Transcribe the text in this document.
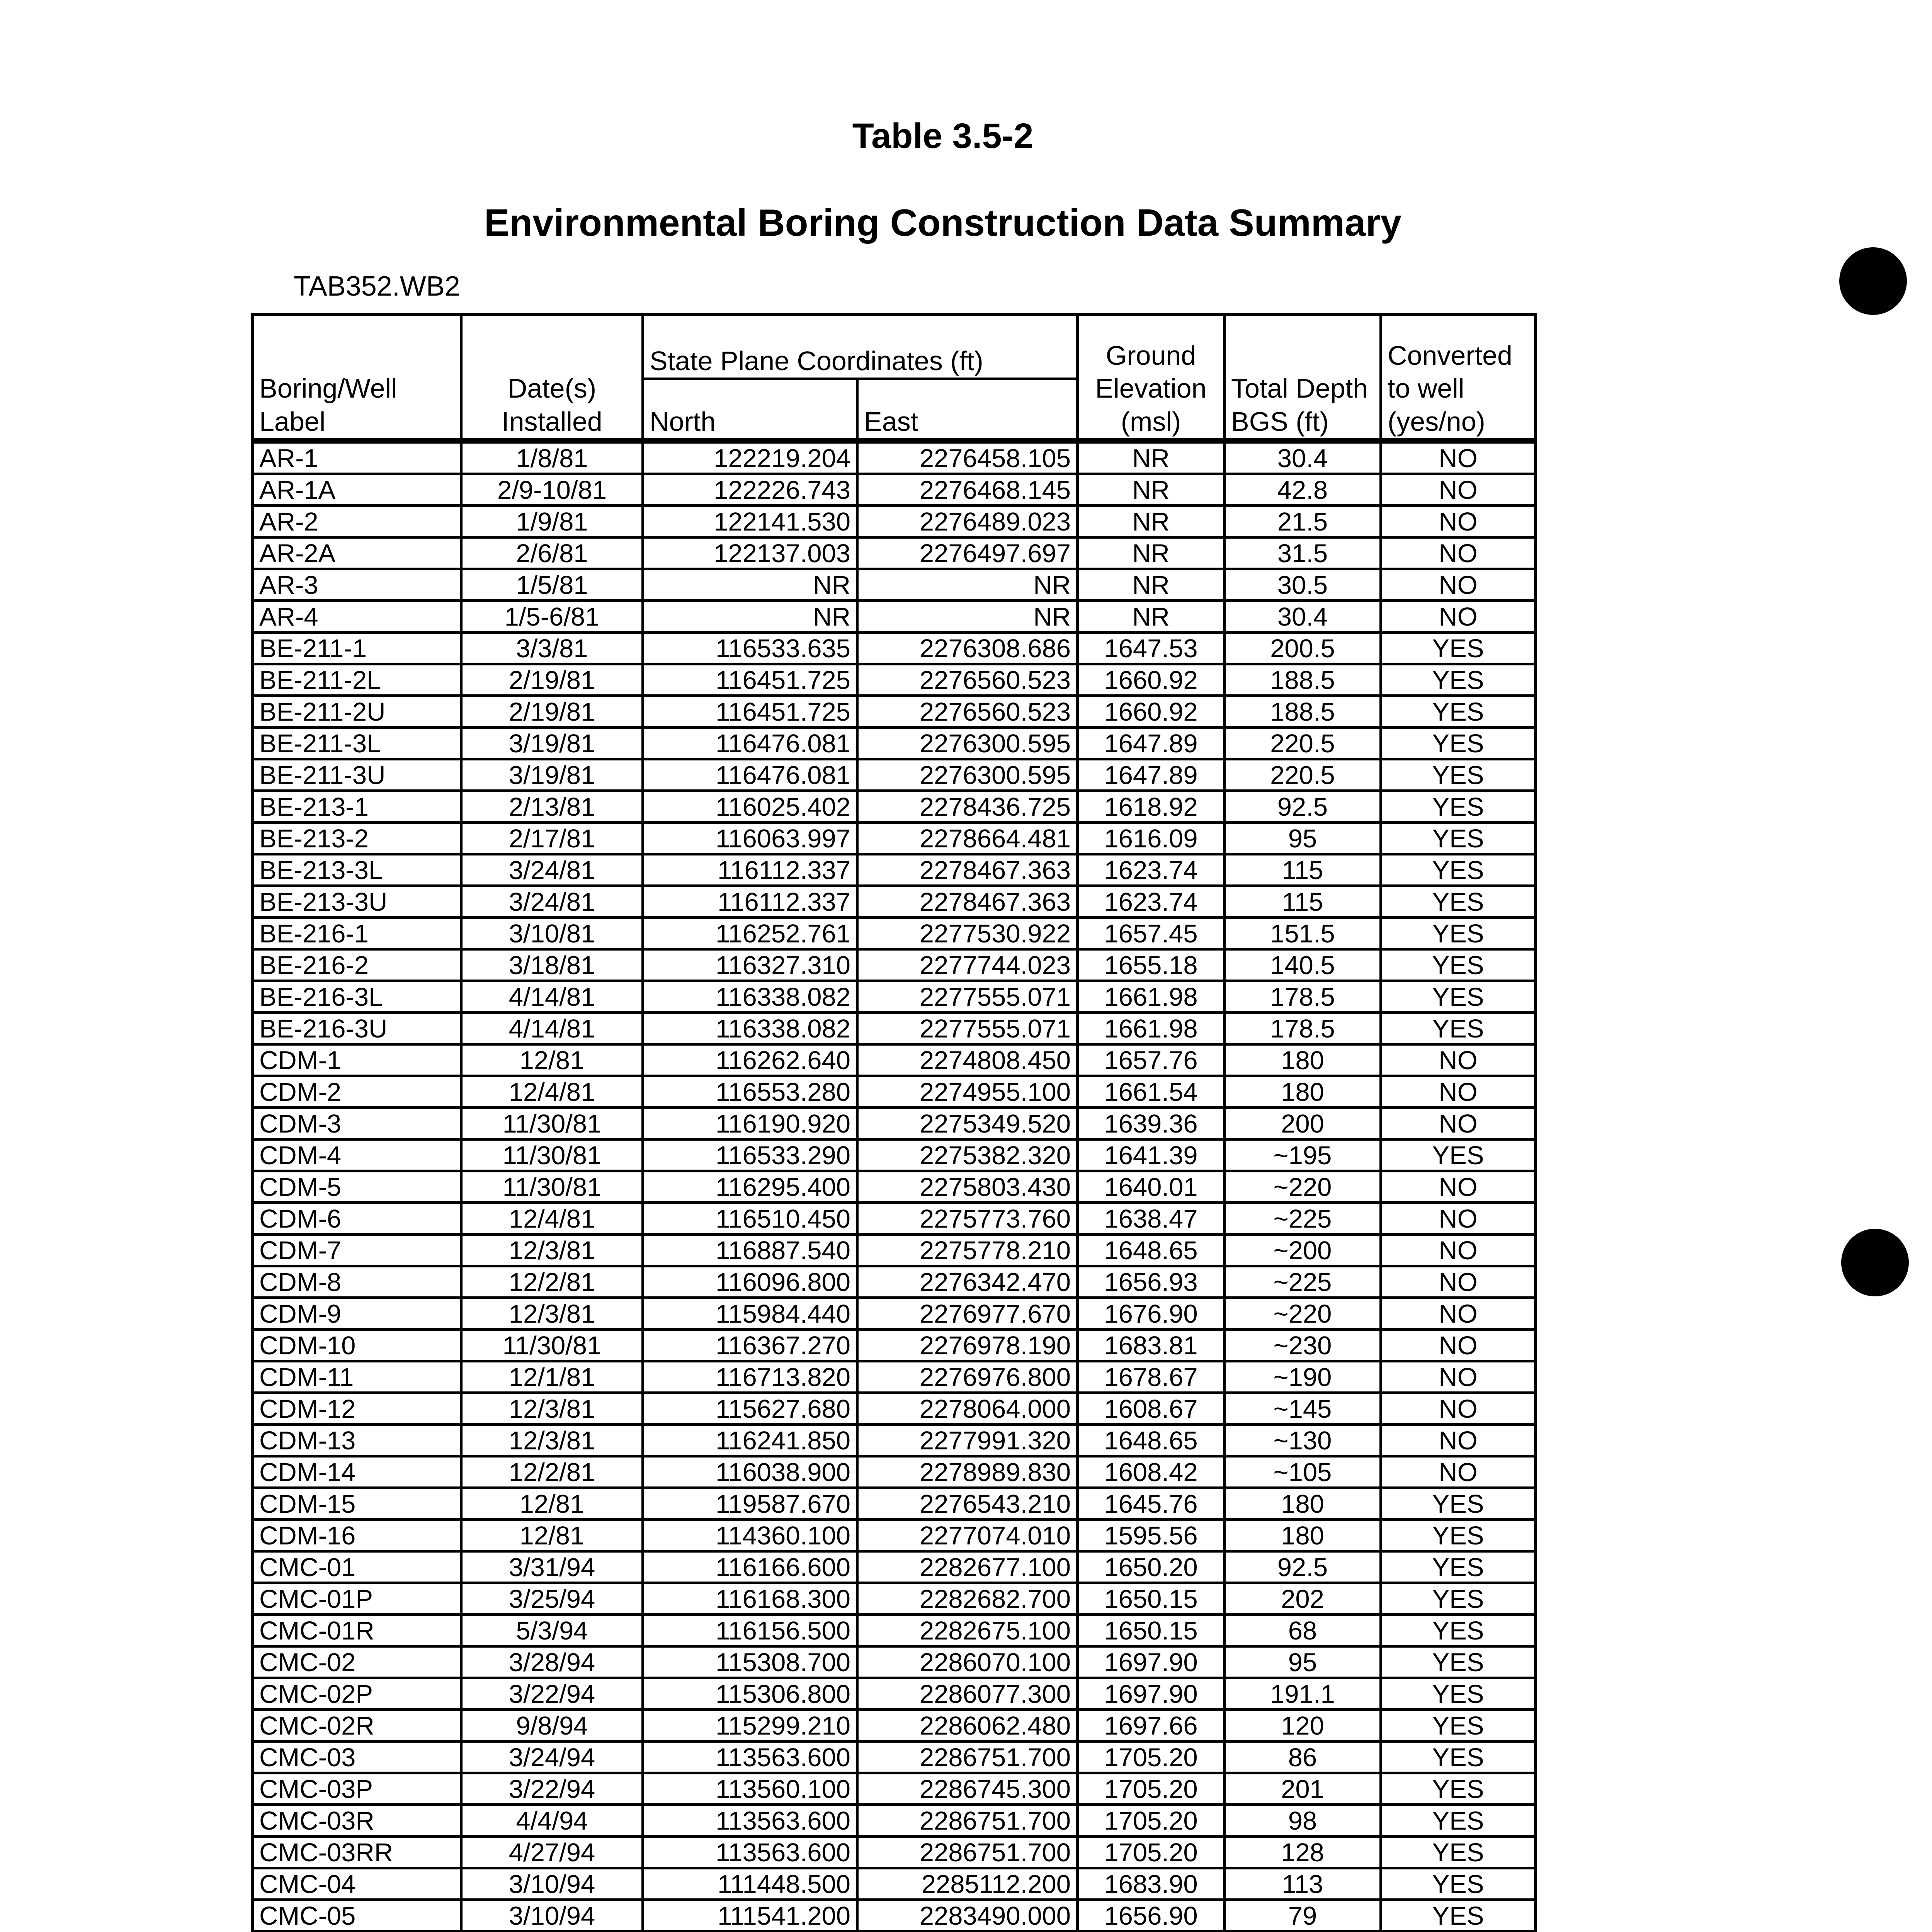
Table 3.5-2
Environmental Boring Construction Data Summary
TAB352.WB2
Boring/Well Label	Date(s) Installed	State Plane Coordinates (ft)		Ground Elevation (msl)	Total Depth BGS (ft)	Converted to well (yes/no)
		North	East			
AR-1	1/8/81	122219.204	2276458.105	NR	30.4	NO
AR-1A	2/9-10/81	122226.743	2276468.145	NR	42.8	NO
AR-2	1/9/81	122141.530	2276489.023	NR	21.5	NO
AR-2A	2/6/81	122137.003	2276497.697	NR	31.5	NO
AR-3	1/5/81	NR	NR	NR	30.5	NO
AR-4	1/5-6/81	NR	NR	NR	30.4	NO
BE-211-1	3/3/81	116533.635	2276308.686	1647.53	200.5	YES
BE-211-2L	2/19/81	116451.725	2276560.523	1660.92	188.5	YES
BE-211-2U	2/19/81	116451.725	2276560.523	1660.92	188.5	YES
BE-211-3L	3/19/81	116476.081	2276300.595	1647.89	220.5	YES
BE-211-3U	3/19/81	116476.081	2276300.595	1647.89	220.5	YES
BE-213-1	2/13/81	116025.402	2278436.725	1618.92	92.5	YES
BE-213-2	2/17/81	116063.997	2278664.481	1616.09	95	YES
BE-213-3L	3/24/81	116112.337	2278467.363	1623.74	115	YES
BE-213-3U	3/24/81	116112.337	2278467.363	1623.74	115	YES
BE-216-1	3/10/81	116252.761	2277530.922	1657.45	151.5	YES
BE-216-2	3/18/81	116327.310	2277744.023	1655.18	140.5	YES
BE-216-3L	4/14/81	116338.082	2277555.071	1661.98	178.5	YES
BE-216-3U	4/14/81	116338.082	2277555.071	1661.98	178.5	YES
CDM-1	12/81	116262.640	2274808.450	1657.76	180	NO
CDM-2	12/4/81	116553.280	2274955.100	1661.54	180	NO
CDM-3	11/30/81	116190.920	2275349.520	1639.36	200	NO
CDM-4	11/30/81	116533.290	2275382.320	1641.39	~195	YES
CDM-5	11/30/81	116295.400	2275803.430	1640.01	~220	NO
CDM-6	12/4/81	116510.450	2275773.760	1638.47	~225	NO
CDM-7	12/3/81	116887.540	2275778.210	1648.65	~200	NO
CDM-8	12/2/81	116096.800	2276342.470	1656.93	~225	NO
CDM-9	12/3/81	115984.440	2276977.670	1676.90	~220	NO
CDM-10	11/30/81	116367.270	2276978.190	1683.81	~230	NO
CDM-11	12/1/81	116713.820	2276976.800	1678.67	~190	NO
CDM-12	12/3/81	115627.680	2278064.000	1608.67	~145	NO
CDM-13	12/3/81	116241.850	2277991.320	1648.65	~130	NO
CDM-14	12/2/81	116038.900	2278989.830	1608.42	~105	NO
CDM-15	12/81	119587.670	2276543.210	1645.76	180	YES
CDM-16	12/81	114360.100	2277074.010	1595.56	180	YES
CMC-01	3/31/94	116166.600	2282677.100	1650.20	92.5	YES
CMC-01P	3/25/94	116168.300	2282682.700	1650.15	202	YES
CMC-01R	5/3/94	116156.500	2282675.100	1650.15	68	YES
CMC-02	3/28/94	115308.700	2286070.100	1697.90	95	YES
CMC-02P	3/22/94	115306.800	2286077.300	1697.90	191.1	YES
CMC-02R	9/8/94	115299.210	2286062.480	1697.66	120	YES
CMC-03	3/24/94	113563.600	2286751.700	1705.20	86	YES
CMC-03P	3/22/94	113560.100	2286745.300	1705.20	201	YES
CMC-03R	4/4/94	113563.600	2286751.700	1705.20	98	YES
CMC-03RR	4/27/94	113563.600	2286751.700	1705.20	128	YES
CMC-04	3/10/94	111448.500	2285112.200	1683.90	113	YES
CMC-05	3/10/94	111541.200	2283490.000	1656.90	79	YES
